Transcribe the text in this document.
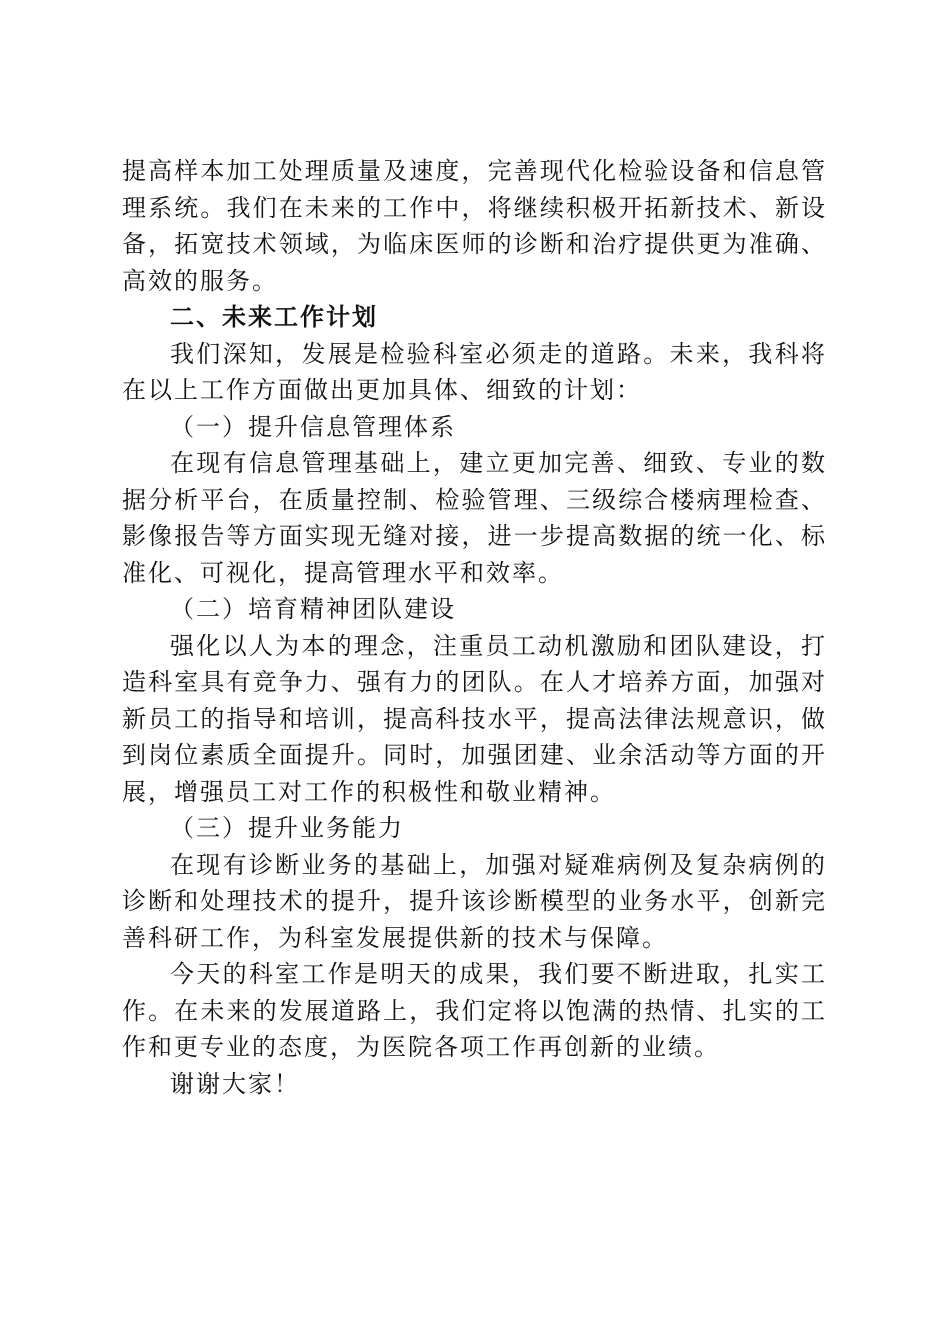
提高样本加工处理质量及速度，完善现代化检验设备和信息管理系统。我们在未来的工作中，将继续积极开拓新技术、新设备，拓宽技术领域，为临床医师的诊断和治疗提供更为准确、高效的服务。

二、未来工作计划

我们深知，发展是检验科室必须走的道路。未来，我科将在以上工作方面做出更加具体、细致的计划：

（一）提升信息管理体系

在现有信息管理基础上，建立更加完善、细致、专业的数据分析平台，在质量控制、检验管理、三级综合楼病理检查、影像报告等方面实现无缝对接，进一步提高数据的统一化、标准化、可视化，提高管理水平和效率。

（二）培育精神团队建设

强化以人为本的理念，注重员工动机激励和团队建设，打造科室具有竞争力、强有力的团队。在人才培养方面，加强对新员工的指导和培训，提高科技水平，提高法律法规意识，做到岗位素质全面提升。同时，加强团建、业余活动等方面的开展，增强员工对工作的积极性和敬业精神。

（三）提升业务能力

在现有诊断业务的基础上，加强对疑难病例及复杂病例的诊断和处理技术的提升，提升该诊断模型的业务水平，创新完善科研工作，为科室发展提供新的技术与保障。

今天的科室工作是明天的成果，我们要不断进取，扎实工作。在未来的发展道路上，我们定将以饱满的热情、扎实的工作和更专业的态度，为医院各项工作再创新的业绩。

谢谢大家！
